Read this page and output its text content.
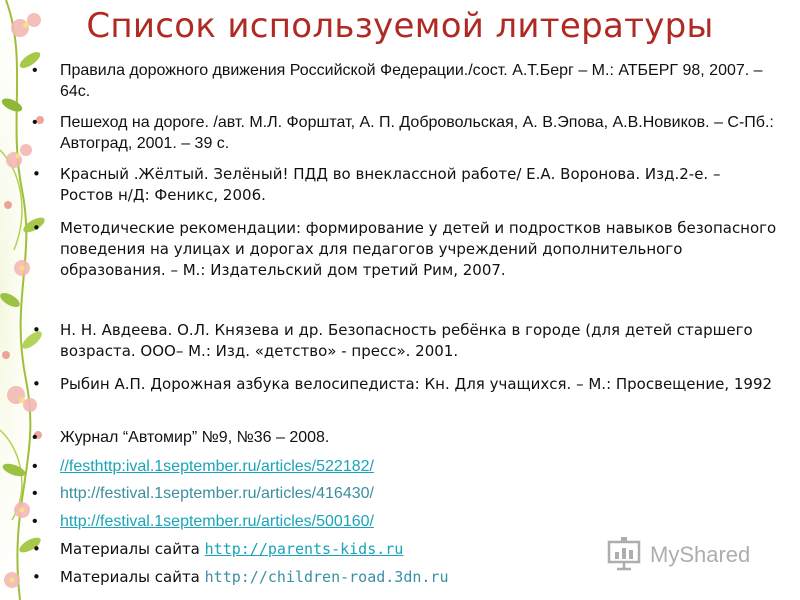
Список используемой литературы
•	Правила дорожного движения Российской Федерации./сост. А.Т.Берг – М.: АТБЕРГ 98, 2007. – 64с.
•	Пешеход на дороге. /авт. М.Л. Форштат, А. П. Добровольская, А. В.Эпова, А.В.Новиков. – С-Пб.: Автоград, 2001. – 39 с.
• Красный .Жёлтый. Зелёный! ПДД во внеклассной работе/ Е.А. Воронова. Изд.2-е. – Ростов н/Д: Феникс, 2006.
• Методические рекомендации: формирование у детей и подростков навыков безопасного поведения на улицах и дорогах для педагогов учреждений дополнительного образования. – М.: Издательский дом третий Рим, 2007.
• Н. Н. Авдеева. О.Л. Князева и др. Безопасность ребёнка в городе (для детей старшего возраста. ООО– М.: Изд. «детство» - пресс». 2001.
• Рыбин А.П. Дорожная азбука велосипедиста: Кн. Для учащихся. – М.: Просвещение, 1992
•	Журнал “Автомир” №9, №36 – 2008.
•	//festhttp:ival.1september.ru/articles/522182/
•	http://festival.1september.ru/articles/416430/
•	http://festival.1september.ru/articles/500160/
• Материалы сайта http://parents-kids.ru
• Материалы сайта http://children-road.3dn.ru
MyShared
